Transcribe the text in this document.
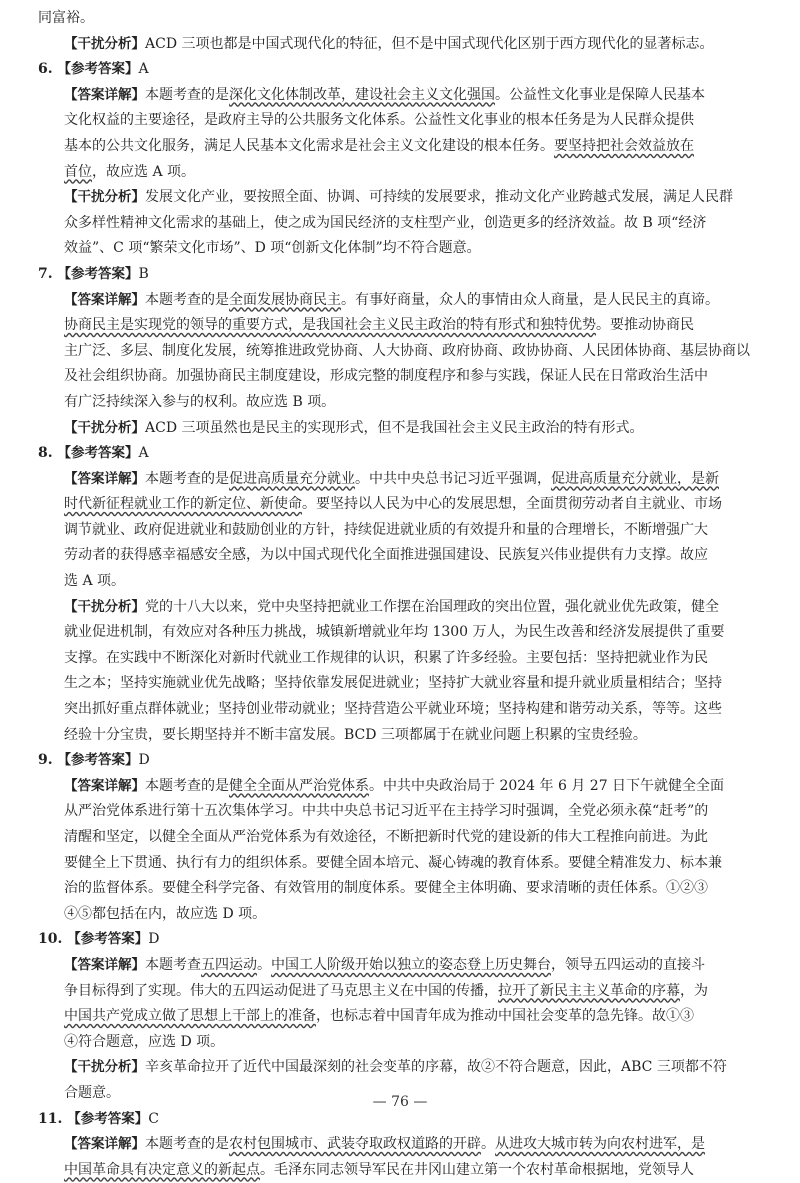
同富裕。
【干扰分析】ACD 三项也都是中国式现代化的特征，但不是中国式现代化区别于西方现代化的显著标志。
6. 【参考答案】A
【答案详解】本题考查的是深化文化体制改革，建设社会主义文化强国。公益性文化事业是保障人民基本
文化权益的主要途径，是政府主导的公共服务文化体系。公益性文化事业的根本任务是为人民群众提供
基本的公共文化服务，满足人民基本文化需求是社会主义文化建设的根本任务。要坚持把社会效益放在
首位，故应选 A 项。
【干扰分析】发展文化产业，要按照全面、协调、可持续的发展要求，推动文化产业跨越式发展，满足人民群
众多样性精神文化需求的基础上，使之成为国民经济的支柱型产业，创造更多的经济效益。故 B 项“经济
效益”、C 项“繁荣文化市场”、D 项“创新文化体制”均不符合题意。
7. 【参考答案】B
【答案详解】本题考查的是全面发展协商民主。有事好商量，众人的事情由众人商量，是人民民主的真谛。
协商民主是实现党的领导的重要方式，是我国社会主义民主政治的特有形式和独特优势。要推动协商民
主广泛、多层、制度化发展，统筹推进政党协商、人大协商、政府协商、政协协商、人民团体协商、基层协商以
及社会组织协商。加强协商民主制度建设，形成完整的制度程序和参与实践，保证人民在日常政治生活中
有广泛持续深入参与的权利。故应选 B 项。
【干扰分析】ACD 三项虽然也是民主的实现形式，但不是我国社会主义民主政治的特有形式。
8. 【参考答案】A
【答案详解】本题考查的是促进高质量充分就业。中共中央总书记习近平强调，促进高质量充分就业，是新
时代新征程就业工作的新定位、新使命。要坚持以人民为中心的发展思想，全面贯彻劳动者自主就业、市场
调节就业、政府促进就业和鼓励创业的方针，持续促进就业质的有效提升和量的合理增长，不断增强广大
劳动者的获得感幸福感安全感，为以中国式现代化全面推进强国建设、民族复兴伟业提供有力支撑。故应
选 A 项。
【干扰分析】党的十八大以来，党中央坚持把就业工作摆在治国理政的突出位置，强化就业优先政策，健全
就业促进机制，有效应对各种压力挑战，城镇新增就业年均 1300 万人，为民生改善和经济发展提供了重要
支撑。在实践中不断深化对新时代就业工作规律的认识，积累了许多经验。主要包括：坚持把就业作为民
生之本；坚持实施就业优先战略；坚持依靠发展促进就业；坚持扩大就业容量和提升就业质量相结合；坚持
突出抓好重点群体就业；坚持创业带动就业；坚持营造公平就业环境；坚持构建和谐劳动关系，等等。这些
经验十分宝贵，要长期坚持并不断丰富发展。BCD 三项都属于在就业问题上积累的宝贵经验。
9. 【参考答案】D
【答案详解】本题考查的是健全全面从严治党体系。中共中央政治局于 2024 年 6 月 27 日下午就健全全面
从严治党体系进行第十五次集体学习。中共中央总书记习近平在主持学习时强调，全党必须永葆“赶考”的
清醒和坚定，以健全全面从严治党体系为有效途径，不断把新时代党的建设新的伟大工程推向前进。为此
要健全上下贯通、执行有力的组织体系。要健全固本培元、凝心铸魂的教育体系。要健全精准发力、标本兼
治的监督体系。要健全科学完备、有效管用的制度体系。要健全主体明确、要求清晰的责任体系。①②③
④⑤都包括在内，故应选 D 项。
10. 【参考答案】D
【答案详解】本题考查五四运动。中国工人阶级开始以独立的姿态登上历史舞台，领导五四运动的直接斗
争目标得到了实现。伟大的五四运动促进了马克思主义在中国的传播，拉开了新民主主义革命的序幕，为
中国共产党成立做了思想上干部上的准备，也标志着中国青年成为推动中国社会变革的急先锋。故①③
④符合题意，应选 D 项。
【干扰分析】辛亥革命拉开了近代中国最深刻的社会变革的序幕，故②不符合题意，因此，ABC 三项都不符
合题意。
11. 【参考答案】C
【答案详解】本题考查的是农村包围城市、武装夺取政权道路的开辟。从进攻大城市转为向农村进军，是
中国革命具有决定意义的新起点。毛泽东同志领导军民在井冈山建立第一个农村革命根据地，党领导人
— 76 —
